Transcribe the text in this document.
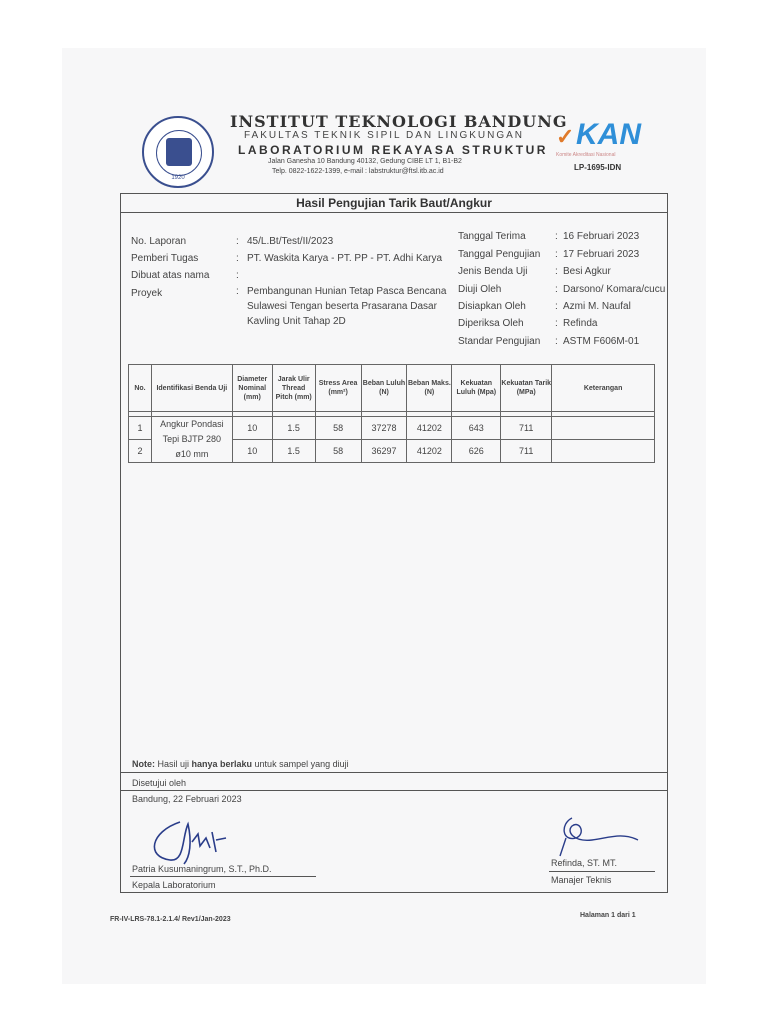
1920
INSTITUT TEKNOLOGI BANDUNG
FAKULTAS TEKNIK SIPIL DAN LINGKUNGAN
LABORATORIUM REKAYASA STRUKTUR
Jalan Ganesha 10 Bandung 40132, Gedung CIBE LT 1, B1-B2
Telp. 0822-1622-1399, e-mail : labstruktur@ftsl.itb.ac.id
✓ KAN
Komite Akreditasi Nasional
LP-1695-IDN
Hasil Pengujian Tarik Baut/Angkur
No. Laporan	: 45/L.Bt/Test/II/2023
Pemberi Tugas	: PT. Waskita Karya - PT. PP - PT. Adhi Karya
Dibuat atas nama	:
Proyek	: Pembangunan Hunian Tetap Pasca Bencana
Sulawesi Tengan beserta Prasarana Dasar
Kavling Unit Tahap 2D
Tanggal Terima	: 16 Februari 2023
Tanggal Pengujian : 17 Februari 2023
Jenis Benda Uji	: Besi Agkur
Diuji Oleh	: Darsono/ Komara/cucu
Disiapkan Oleh	: Azmi M. Naufal
Diperiksa Oleh	: Refinda
Standar Pengujian : ASTM F606M-01
No.	Identifikasi Benda Uji	Diameter Nominal (mm)	Jarak Ulir Thread Pitch (mm)	Stress Area (mm²)	Beban Luluh (N)	Beban Maks. (N)	Kekuatan Luluh (Mpa)	Kekuatan Tarik (MPa)	Keterangan

1	Angkur Pondasi Tepi BJTP 280 ø10 mm	10	1.5	58	37278	41202	643	711	
2		10	1.5	58	36297	41202	626	711	
Note: Hasil uji hanya berlaku untuk sampel yang diuji
Disetujui oleh
Bandung, 22 Februari 2023
Patria Kusumaningrum, S.T., Ph.D.
Kepala Laboratorium
Refinda, ST. MT.
Manajer Teknis
FR-IV-LRS-78.1-2.1.4/ Rev1/Jan-2023
Halaman 1 dari 1
